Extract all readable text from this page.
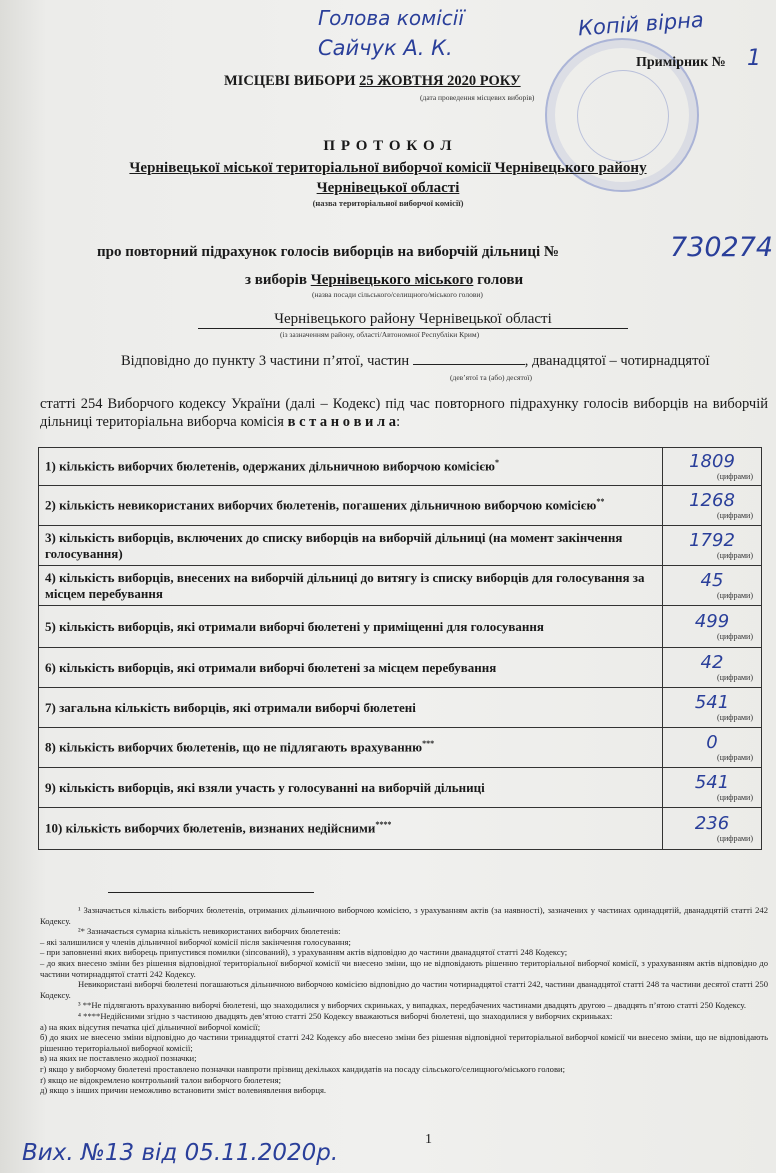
Голова комісії
Сайчук А. К.
Копій вірна
Примірник № 1
МІСЦЕВІ ВИБОРИ 25 ЖОВТНЯ 2020 РОКУ
(дата проведення місцевих виборів)
П Р О Т О К О Л
Чернівецької міської територіальної виборчої комісії Чернівецького району
Чернівецької області
(назва територіальної виборчої комісії)
про повторний підрахунок голосів виборців на виборчій дільниці №	730274
з виборів Чернівецького міського голови
(назва посади сільського/селищного/міського голови)
Чернівецького району Чернівецької області
(із зазначенням району, області/Автономної Республіки Крим)
Відповідно до пункту 3 частини п’ятої, частин	, дванадцятої – чотирнадцятої
(дев’ятої та (або) десятої)
статті 254 Виборчого кодексу України (далі – Кодекс) під час повторного підрахунку голосів виборців на виборчій дільниці територіальна виборча комісія в с т а н о в и л а:
1) кількість виборчих бюлетенів, одержаних дільничною виборчою комісією*	1809
(цифрами)

2) кількість невикористаних виборчих бюлетенів, погашених дільничною виборчою комісією**	1268
(цифрами)

3) кількість виборців, включених до списку виборців на виборчій дільниці (на момент закінчення голосування)	1792
(цифрами)

4) кількість виборців, внесених на виборчій дільниці до витягу із списку виборців для голосування за місцем перебування	45
(цифрами)

5) кількість виборців, які отримали виборчі бюлетені у приміщенні для голосування	499
(цифрами)

6) кількість виборців, які отримали виборчі бюлетені за місцем перебування	42
(цифрами)

7) загальна кількість виборців, які отримали виборчі бюлетені	541
(цифрами)

8) кількість виборчих бюлетенів, що не підлягають врахуванню***	0
(цифрами)

9) кількість виборців, які взяли участь у голосуванні на виборчій дільниці	541
(цифрами)

10) кількість виборчих бюлетенів, визнаних недійсними****	236
(цифрами)

¹ Зазначається кількість виборчих бюлетенів, отриманих дільничною виборчою комісією, з урахуванням актів (за наявності), зазначених у частинах одинадцятій, дванадцятій статті 242 Кодексу.

²* Зазначається сумарна кількість невикористаних виборчих бюлетенів:

– які залишилися у членів дільничної виборчої комісії після закінчення голосування;

– при заповненні яких виборець припустився помилки (зіпсований), з урахуванням актів відповідно до частини дванадцятої статті 248 Кодексу;

– до яких внесено зміни без рішення відповідної територіальної виборчої комісії чи внесено зміни, що не відповідають рішенню територіальної виборчої комісії, з урахуванням актів відповідно до частини чотирнадцятої статті 242 Кодексу.

Невикористані виборчі бюлетені погашаються дільничною виборчою комісією відповідно до частин чотирнадцятої статті 242, частини дванадцятої статті 248 та частини десятої статті 250 Кодексу.

³ **Не підлягають врахуванню виборчі бюлетені, що знаходилися у виборчих скриньках, у випадках, передбачених частинами двадцять другою – двадцять п’ятою статті 250 Кодексу.

⁴ ****Недійсними згідно з частиною двадцять дев’ятою статті 250 Кодексу вважаються виборчі бюлетені, що знаходилися у виборчих скриньках:

а) на яких відсутня печатка цієї дільничної виборчої комісії;

б) до яких не внесено зміни відповідно до частини тринадцятої статті 242 Кодексу або внесено зміни без рішення відповідної територіальної виборчої комісії чи внесено зміни, що не відповідають рішенню територіальної виборчої комісії;

в) на яких не поставлено жодної позначки;

г) якщо у виборчому бюлетені проставлено позначки навпроти прізвищ декількох кандидатів на посаду сільського/селищного/міського голови;

ґ) якщо не відокремлено контрольний талон виборчого бюлетеня;

д) якщо з інших причин неможливо встановити зміст волевиявлення виборця.

1
Вих. №13 від 05.11.2020р.
